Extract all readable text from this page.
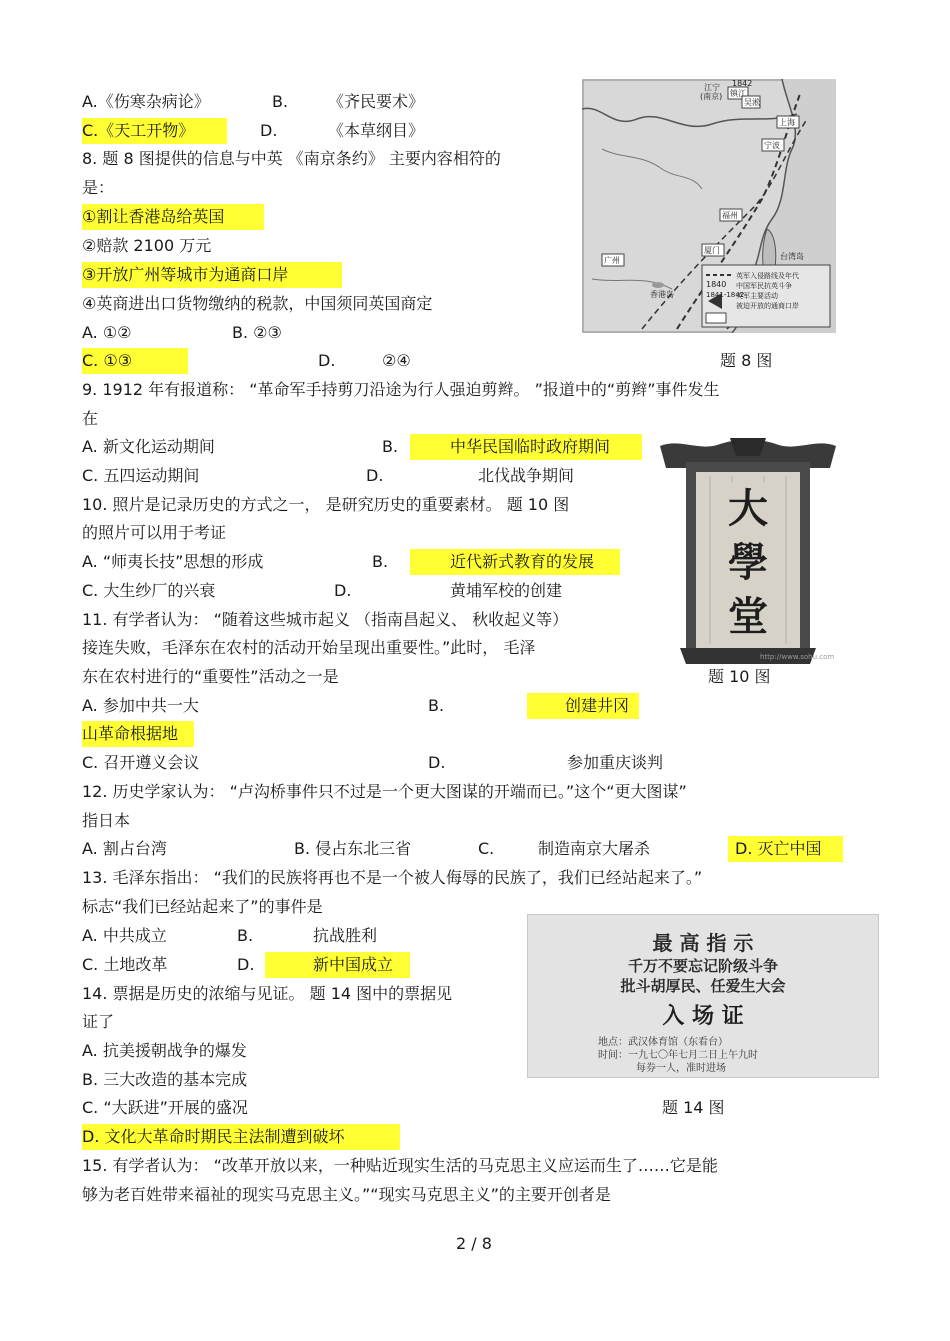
A.《伤寒杂病论》	B. 《齐民要术》
C.《天工开物》	D.	《本草纲目》
8. 题 8 图提供的信息与中英 《南京条约》 主要内容相符的
是：
①割让香港岛给英国
②赔款 2100 万元
③开放广州等城市为通商口岸
④英商进出口货物缴纳的税款，中国须同英国商定
A. ①②	B. ②③
C. ①③	D.	②④
9. 1912 年有报道称： “革命军手持剪刀沿途为行人强迫剪辫。 ”报道中的“剪辫”事件发生
在
A. 新文化运动期间	B.	中华民国临时政府期间
C. 五四运动期间	D.	北伐战争期间
10. 照片是记录历史的方式之一， 是研究历史的重要素材。 题 10 图
的照片可以用于考证
A. “师夷长技”思想的形成	B.	近代新式教育的发展
C. 大生纱厂的兴衰	D.	黄埔军校的创建
11. 有学者认为： “随着这些城市起义 （指南昌起义、 秋收起义等）
接连失败，毛泽东在农村的活动开始呈现出重要性。”此时， 毛泽
东在农村进行的“重要性”活动之一是
A. 参加中共一大	B.	创建井冈
山革命根据地
C. 召开遵义会议	D.	参加重庆谈判
12. 历史学家认为： “卢沟桥事件只不过是一个更大图谋的开端而已。”这个“更大图谋”
指日本
A. 割占台湾	B. 侵占东北三省	C.	制造南京大屠杀	D. 灭亡中国
13. 毛泽东指出： “我们的民族将再也不是一个被人侮辱的民族了，我们已经站起来了。”
标志“我们已经站起来了”的事件是
A. 中共成立	B.	抗战胜利
C. 土地改革	D.	新中国成立
14. 票据是历史的浓缩与见证。 题 14 图中的票据见
证了
A. 抗美援朝战争的爆发
B. 三大改造的基本完成
C. “大跃进”开展的盛况
D. 文化大革命时期民主法制遭到破坏
15. 有学者认为： “改革开放以来，一种贴近现实生活的马克思主义应运而生了……它是能
够为老百姓带来福祉的现实马克思主义。”“现实马克思主义”的主要开创者是
1842
江宁
(南京) 镇江
吴淞
上海
宁波
福州
厦门
台湾岛
广州
香港岛
1840
英军入侵路线及年代
中国军民抗英斗争
英军主要活动
被迫开放的通商口岸
1841-1842
题 8 图
大學堂
http://www.sohu.com
题 10 图
最 高 指 示
千万不要忘记阶级斗争
批斗胡厚民、任爱生大会
入 场 证
地点：武汉体育馆（东看台）
时间：一九七〇年七月二日上午九时
每券一人，准时进场
题 14 图
2 / 8
